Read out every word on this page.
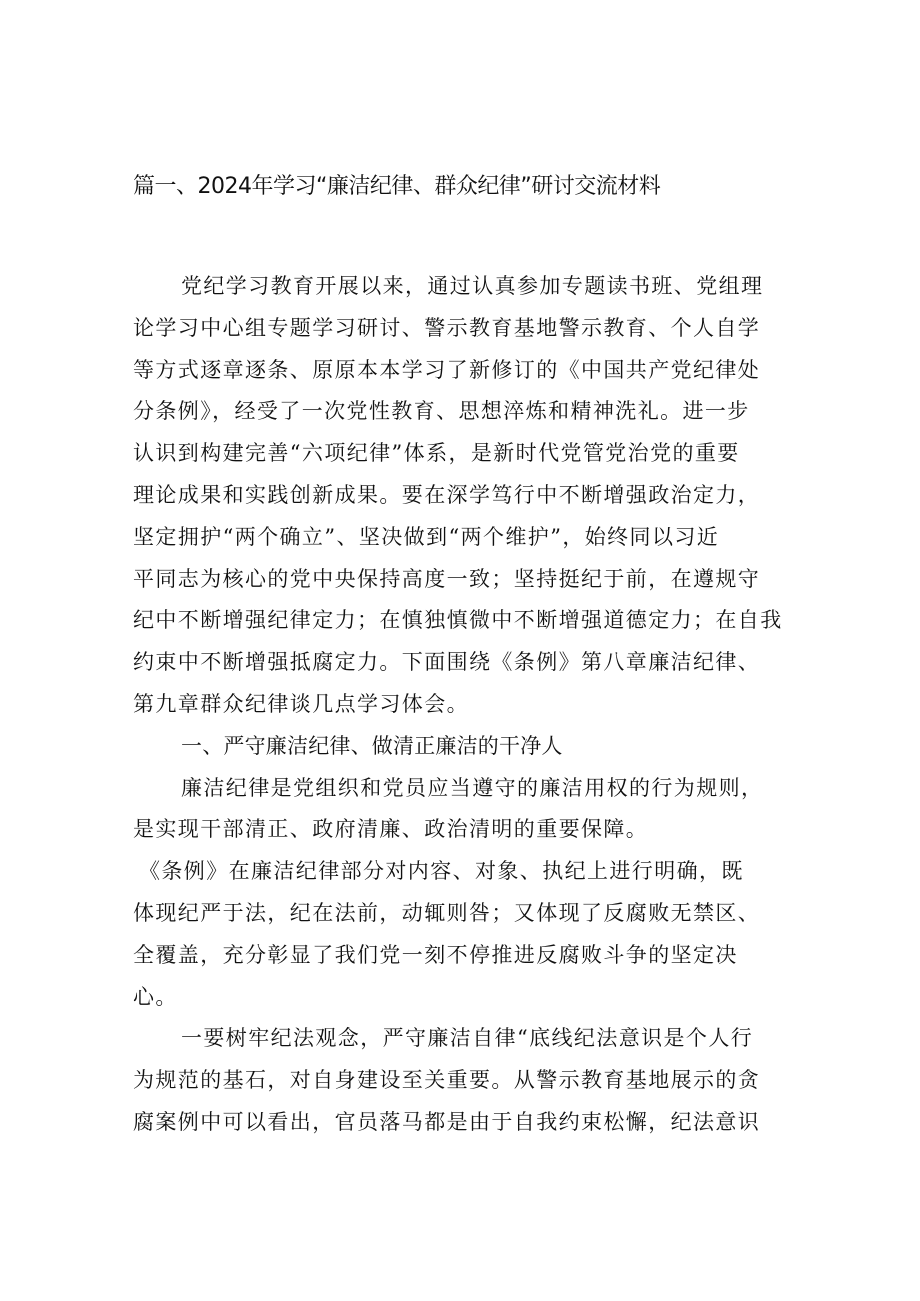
篇一、2024年学习“廉洁纪律、群众纪律”研讨交流材料
党纪学习教育开展以来，通过认真参加专题读书班、党组理
论学习中心组专题学习研讨、警示教育基地警示教育、个人自学
等方式逐章逐条、原原本本学习了新修订的《中国共产党纪律处
分条例》，经受了一次党性教育、思想淬炼和精神洗礼。进一步
认识到构建完善“六项纪律”体系，是新时代党管党治党的重要
理论成果和实践创新成果。要在深学笃行中不断增强政治定力，
坚定拥护“两个确立”、坚决做到“两个维护”，始终同以习近
平同志为核心的党中央保持高度一致；坚持挺纪于前，在遵规守
纪中不断增强纪律定力；在慎独慎微中不断增强道德定力；在自我
约束中不断增强抵腐定力。下面围绕《条例》第八章廉洁纪律、
第九章群众纪律谈几点学习体会。
一、严守廉洁纪律、做清正廉洁的干净人
廉洁纪律是党组织和党员应当遵守的廉洁用权的行为规则，
是实现干部清正、政府清廉、政治清明的重要保障。
《条例》在廉洁纪律部分对内容、对象、执纪上进行明确，既
体现纪严于法，纪在法前，动辄则咎；又体现了反腐败无禁区、
全覆盖，充分彰显了我们党一刻不停推进反腐败斗争的坚定决
心。
一要树牢纪法观念，严守廉洁自律“底线纪法意识是个人行
为规范的基石，对自身建设至关重要。从警示教育基地展示的贪
腐案例中可以看出，官员落马都是由于自我约束松懈，纪法意识
